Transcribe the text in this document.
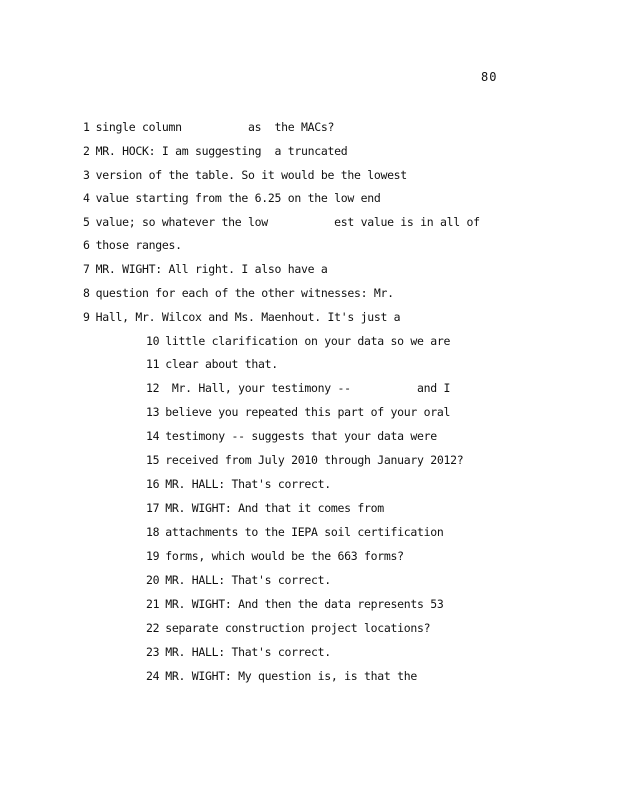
80
1 single column          as  the MACs?
2 MR. HOCK: I am suggesting  a truncated
3 version of the table. So it would be the lowest
4 value starting from the 6.25 on the low end
5 value; so whatever the low          est value is in all of
6 those ranges.
7 MR. WIGHT: All right. I also have a
8 question for each of the other witnesses: Mr.
9 Hall, Mr. Wilcox and Ms. Maenhout. It's just a
10 little clarification on your data so we are
11 clear about that.
12 Mr. Hall, your testimony --          and I
13 believe you repeated this part of your oral
14 testimony -- suggests that your data were
15 received from July 2010 through January 2012?
16 MR. HALL: That's correct.
17 MR. WIGHT: And that it comes from
18 attachments to the IEPA soil certification
19 forms, which would be the 663 forms?
20 MR. HALL: That's correct.
21 MR. WIGHT: And then the data represents 53
22 separate construction project locations?
23 MR. HALL: That's correct.
24 MR. WIGHT: My question is, is that the
